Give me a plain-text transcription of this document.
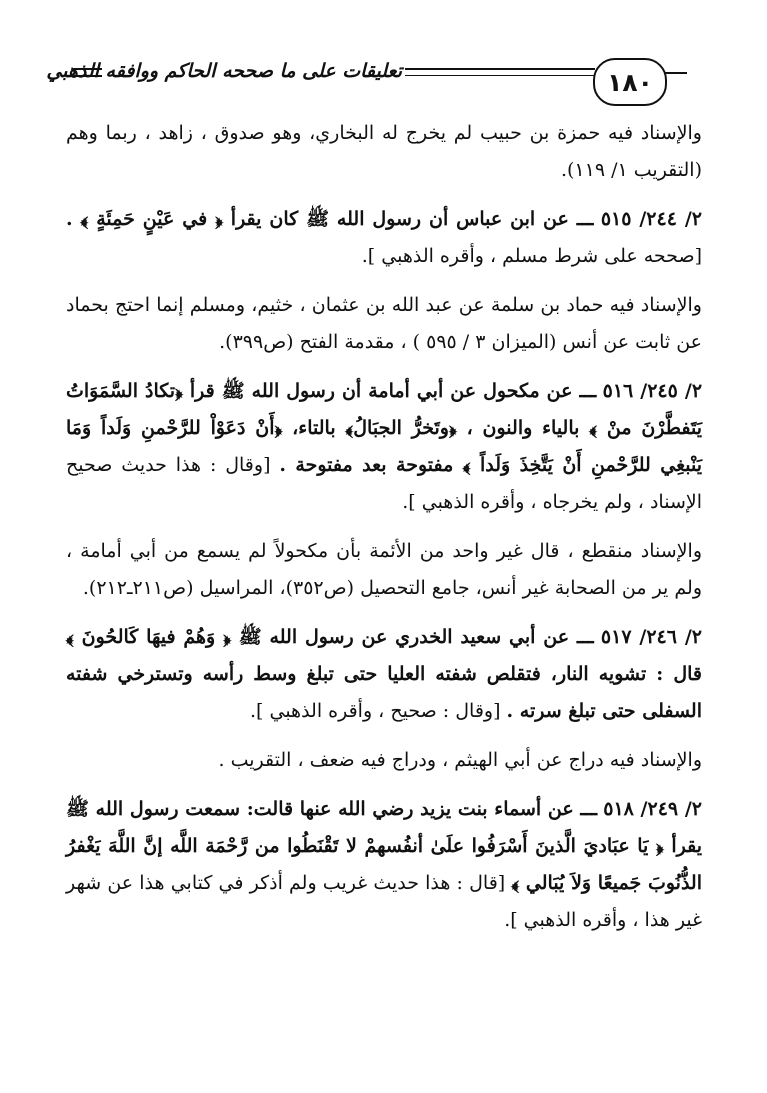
تعليقات على ما صححه الحاكم ووافقه الذهبي	١٨٠

والإسناد فيه حمزة بن حبيب لم يخرج له البخاري، وهو صدوق ، زاهد ، ربما وهم (التقريب ١/ ١١٩).

٢/ ٢٤٤/ ٥١٥ ـــ عن ابن عباس أن رسول الله ﷺ كان يقرأ ﴿ في عَيْنٍ حَمِئَةٍ ﴾ . [صححه على شرط مسلم ، وأقره الذهبي ].

والإسناد فيه حماد بن سلمة عن عبد الله بن عثمان ، خثيم، ومسلم إنما احتج بحماد عن ثابت عن أنس (الميزان ٣ / ٥٩٥ ) ، مقدمة الفتح (ص٣٩٩).

٢/ ٢٤٥/ ٥١٦ ـــ عن مكحول عن أبي أمامة أن رسول الله ﷺ قرأ ﴿تكادُ السَّمَوَاتُ يَتَفطَّرْنَ منْ ﴾ بالياء والنون ، ﴿وتَخرُّ الجبَالُ﴾ بالتاء، ﴿أَنْ دَعَوْاْ للرَّحْمنِ وَلَداً وَمَا يَنْبغِي للرَّحْمنِ أَنْ يَتَّخِذَ وَلَداً ﴾ مفتوحة بعد مفتوحة . [وقال : هذا حديث صحيح الإسناد ، ولم يخرجاه ، وأقره الذهبي ].

والإسناد منقطع ، قال غير واحد من الأئمة بأن مكحولاً لم يسمع من أبي أمامة ، ولم ير من الصحابة غير أنس، جامع التحصيل (ص٣٥٢)، المراسيل (ص٢١١ـ٢١٢).

٢/ ٢٤٦/ ٥١٧ ـــ عن أبي سعيد الخدري عن رسول الله ﷺ ﴿ وَهُمْ فيهَا كَالحُونَ ﴾ قال : تشويه النار، فتقلص شفته العليا حتى تبلغ وسط رأسه وتسترخي شفته السفلى حتى تبلغ سرته . [وقال : صحيح ، وأقره الذهبي ].

والإسناد فيه دراج عن أبي الهيثم ، ودراج فيه ضعف ، التقريب .

٢/ ٢٤٩/ ٥١٨ ـــ عن أسماء بنت يزيد رضي الله عنها قالت: سمعت رسول الله ﷺ يقرأ ﴿ يَا عبَاديَ الَّذينَ أَسْرَفُوا علَىٰ أنفُسهمْ لا تَقْنَطُوا من رَّحْمَة اللَّه إنَّ اللَّهَ يَغْفرُ الذُّنُوبَ جَميعًا وَلاَ يُبَالي ﴾ [قال : هذا حديث غريب ولم أذكر في كتابي هذا عن شهر غير هذا ، وأقره الذهبي ].
